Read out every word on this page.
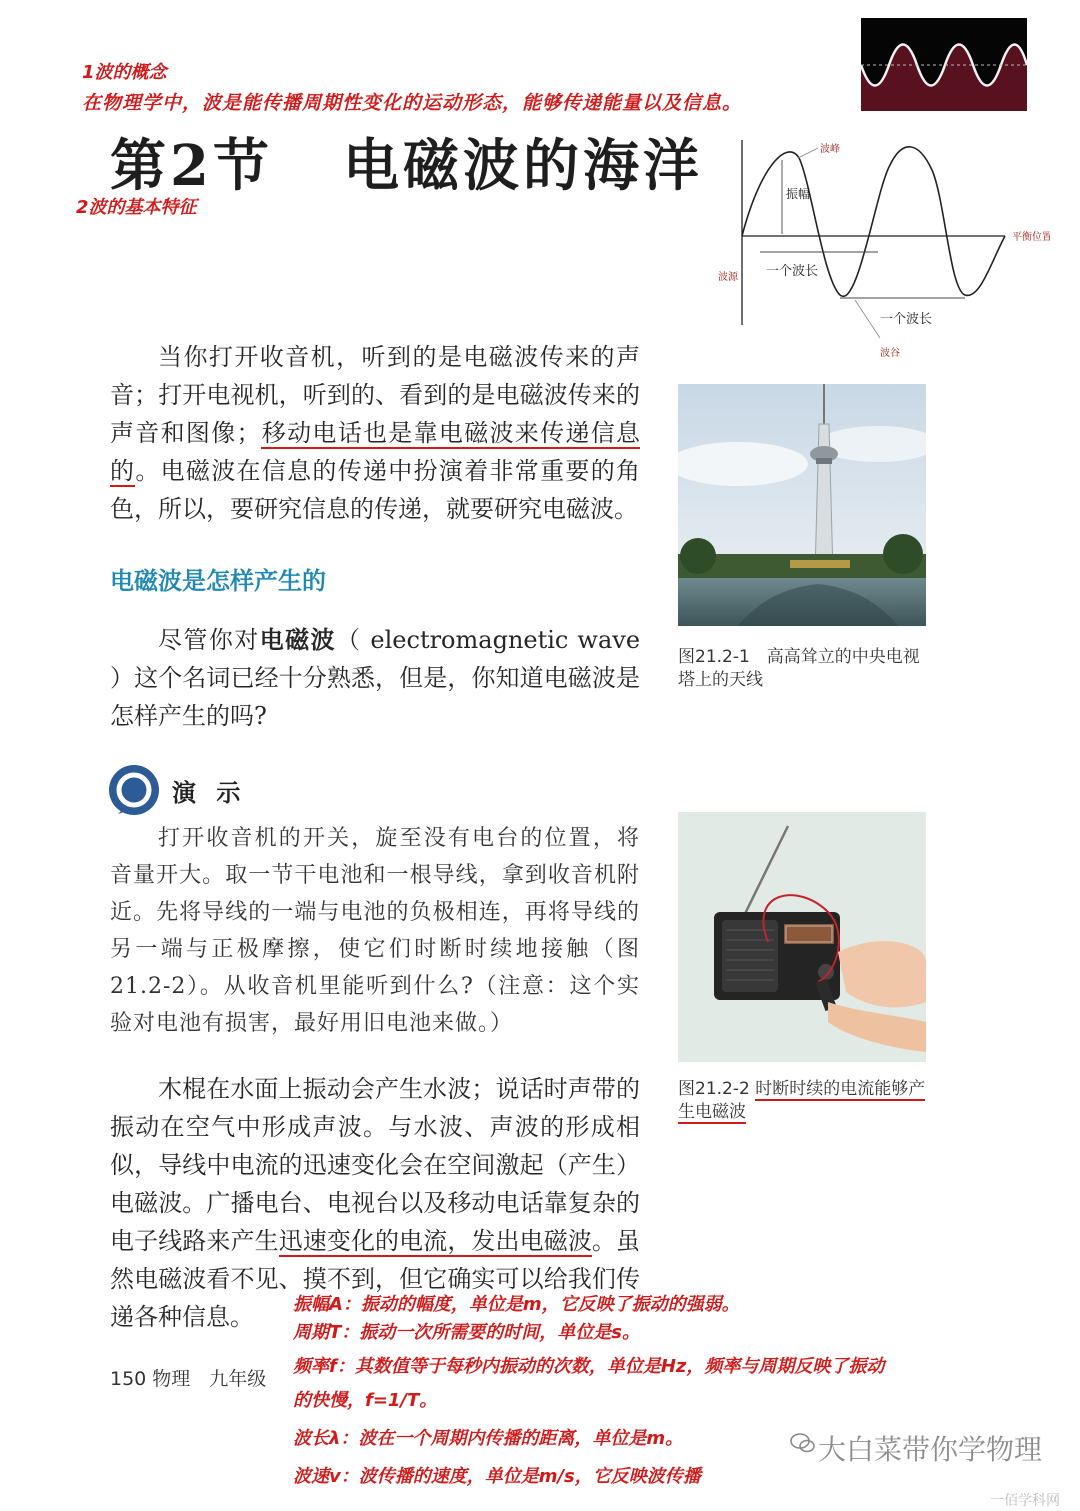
1波的概念
在物理学中，波是能传播周期性变化的运动形态，能够传递能量以及信息。
2波的基本特征
第2节 电磁波的海洋	波峰
振幅
平衡位置
波源 一个波长
一个波长
波谷

当你打开收音机，听到的是电磁波传来的声音；打开电视机，听到的、看到的是电磁波传来的声音和图像；移动电话也是靠电磁波来传递信息的。电磁波在信息的传递中扮演着非常重要的角色，所以，要研究信息的传递，就要研究电磁波。

图21.2-1　高高耸立的中央电视塔上的天线
电磁波是怎样产生的

尽管你对电磁波（ electromagnetic wave ）这个名词已经十分熟悉，但是，你知道电磁波是怎样产生的吗?

演 示

打开收音机的开关，旋至没有电台的位置，将音量开大。取一节干电池和一根导线，拿到收音机附近。先将导线的一端与电池的负极相连，再将导线的另一端与正极摩擦，使它们时断时续地接触（图21.2-2）。从收音机里能听到什么?（注意：这个实验对电池有损害，最好用旧电池来做。）

图21.2-2 时断时续的电流能够产生电磁波

木棍在水面上振动会产生水波；说话时声带的振动在空气中形成声波。与水波、声波的形成相似，导线中电流的迅速变化会在空间激起（产生）电磁波。广播电台、电视台以及移动电话靠复杂的电子线路来产生迅速变化的电流，发出电磁波。虽然电磁波看不见、摸不到，但它确实可以给我们传递各种信息。

150 物理　九年级
振幅A：振动的幅度，单位是m，它反映了振动的强弱。
周期T：振动一次所需要的时间，单位是s。
频率f：其数值等于每秒内振动的次数，单位是Hz，频率与周期反映了振动
的快慢，f=1/T。
波长λ：波在一个周期内传播的距离，单位是m。
波速v：波传播的速度，单位是m/s，它反映波传播
大白菜带你学物理
一佰学科网
